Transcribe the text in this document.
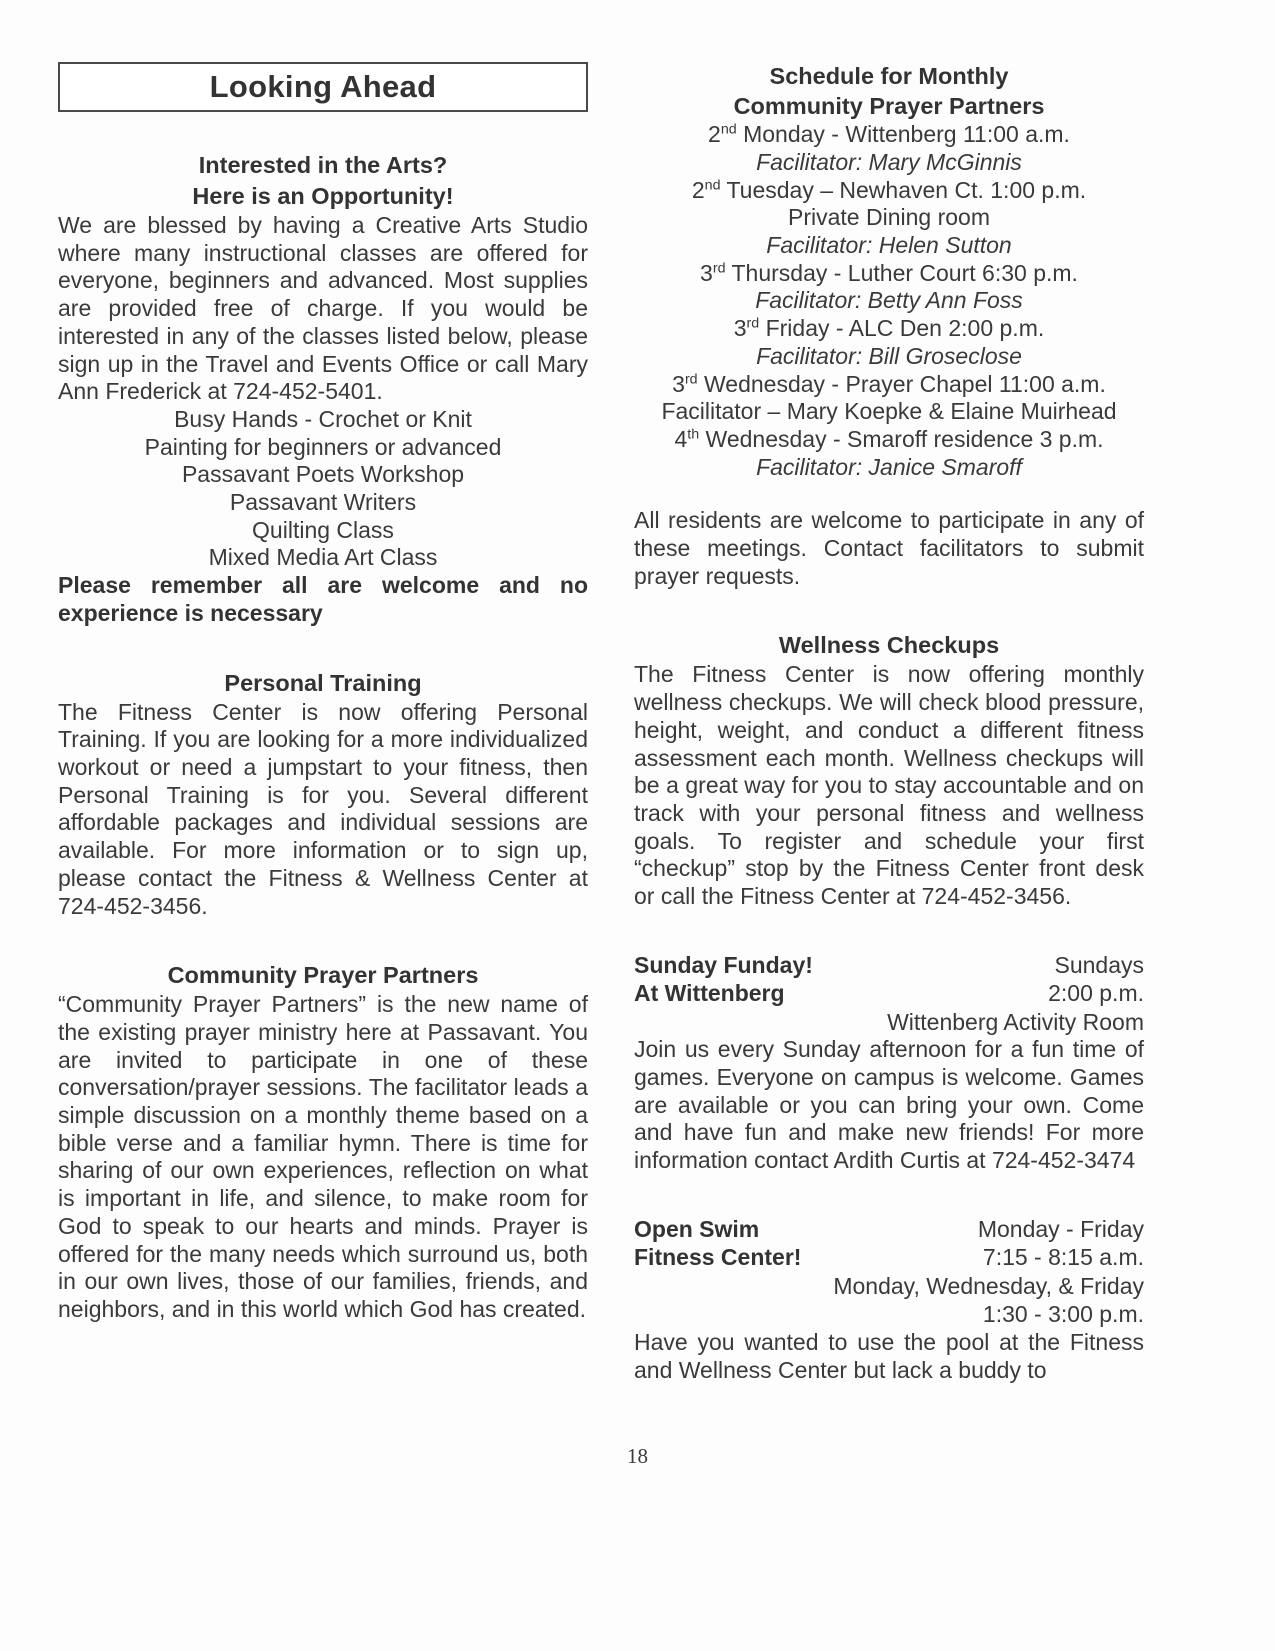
Looking Ahead
Interested in the Arts?
Here is an Opportunity!

We are blessed by having a Creative Arts Studio where many instructional classes are offered for everyone, beginners and advanced. Most supplies are provided free of charge. If you would be interested in any of the classes listed below, please sign up in the Travel and Events Office or call Mary Ann Frederick at 724-452-5401.

Busy Hands - Crochet or Knit
Painting for beginners or advanced
Passavant Poets Workshop
Passavant Writers
Quilting Class
Mixed Media Art Class

Please remember all are welcome and no experience is necessary

Personal Training

The Fitness Center is now offering Personal Training. If you are looking for a more individualized workout or need a jumpstart to your fitness, then Personal Training is for you. Several different affordable packages and individual sessions are available. For more information or to sign up, please contact the Fitness & Wellness Center at 724-452-3456.

Community Prayer Partners

“Community Prayer Partners” is the new name of the existing prayer ministry here at Passavant. You are invited to participate in one of these conversation/prayer sessions. The facilitator leads a simple discussion on a monthly theme based on a bible verse and a familiar hymn. There is time for sharing of our own experiences, reflection on what is important in life, and silence, to make room for God to speak to our hearts and minds. Prayer is offered for the many needs which surround us, both in our own lives, those of our families, friends, and neighbors, and in this world which God has created.

Schedule for Monthly
Community Prayer Partners
2nd Monday - Wittenberg 11:00 a.m.
Facilitator: Mary McGinnis
2nd Tuesday – Newhaven Ct. 1:00 p.m.
Private Dining room
Facilitator: Helen Sutton
3rd Thursday - Luther Court 6:30 p.m.
Facilitator: Betty Ann Foss
3rd Friday - ALC Den 2:00 p.m.
Facilitator: Bill Groseclose
3rd Wednesday - Prayer Chapel 11:00 a.m.
Facilitator – Mary Koepke & Elaine Muirhead
4th Wednesday - Smaroff residence 3 p.m.
Facilitator: Janice Smaroff

All residents are welcome to participate in any of these meetings. Contact facilitators to submit prayer requests.

Wellness Checkups

The Fitness Center is now offering monthly wellness checkups. We will check blood pressure, height, weight, and conduct a different fitness assessment each month. Wellness checkups will be a great way for you to stay accountable and on track with your personal fitness and wellness goals. To register and schedule your first “checkup” stop by the Fitness Center front desk or call the Fitness Center at 724-452-3456.

Sunday Funday!	Sundays
At Wittenberg	2:00 p.m.
Wittenberg Activity Room

Join us every Sunday afternoon for a fun time of games. Everyone on campus is welcome. Games are available or you can bring your own. Come and have fun and make new friends! For more information contact Ardith Curtis at 724-452-3474

Open Swim	Monday - Friday
Fitness Center!	7:15 - 8:15 a.m.
Monday, Wednesday, & Friday
1:30 - 3:00 p.m.

Have you wanted to use the pool at the Fitness and Wellness Center but lack a buddy to

18
